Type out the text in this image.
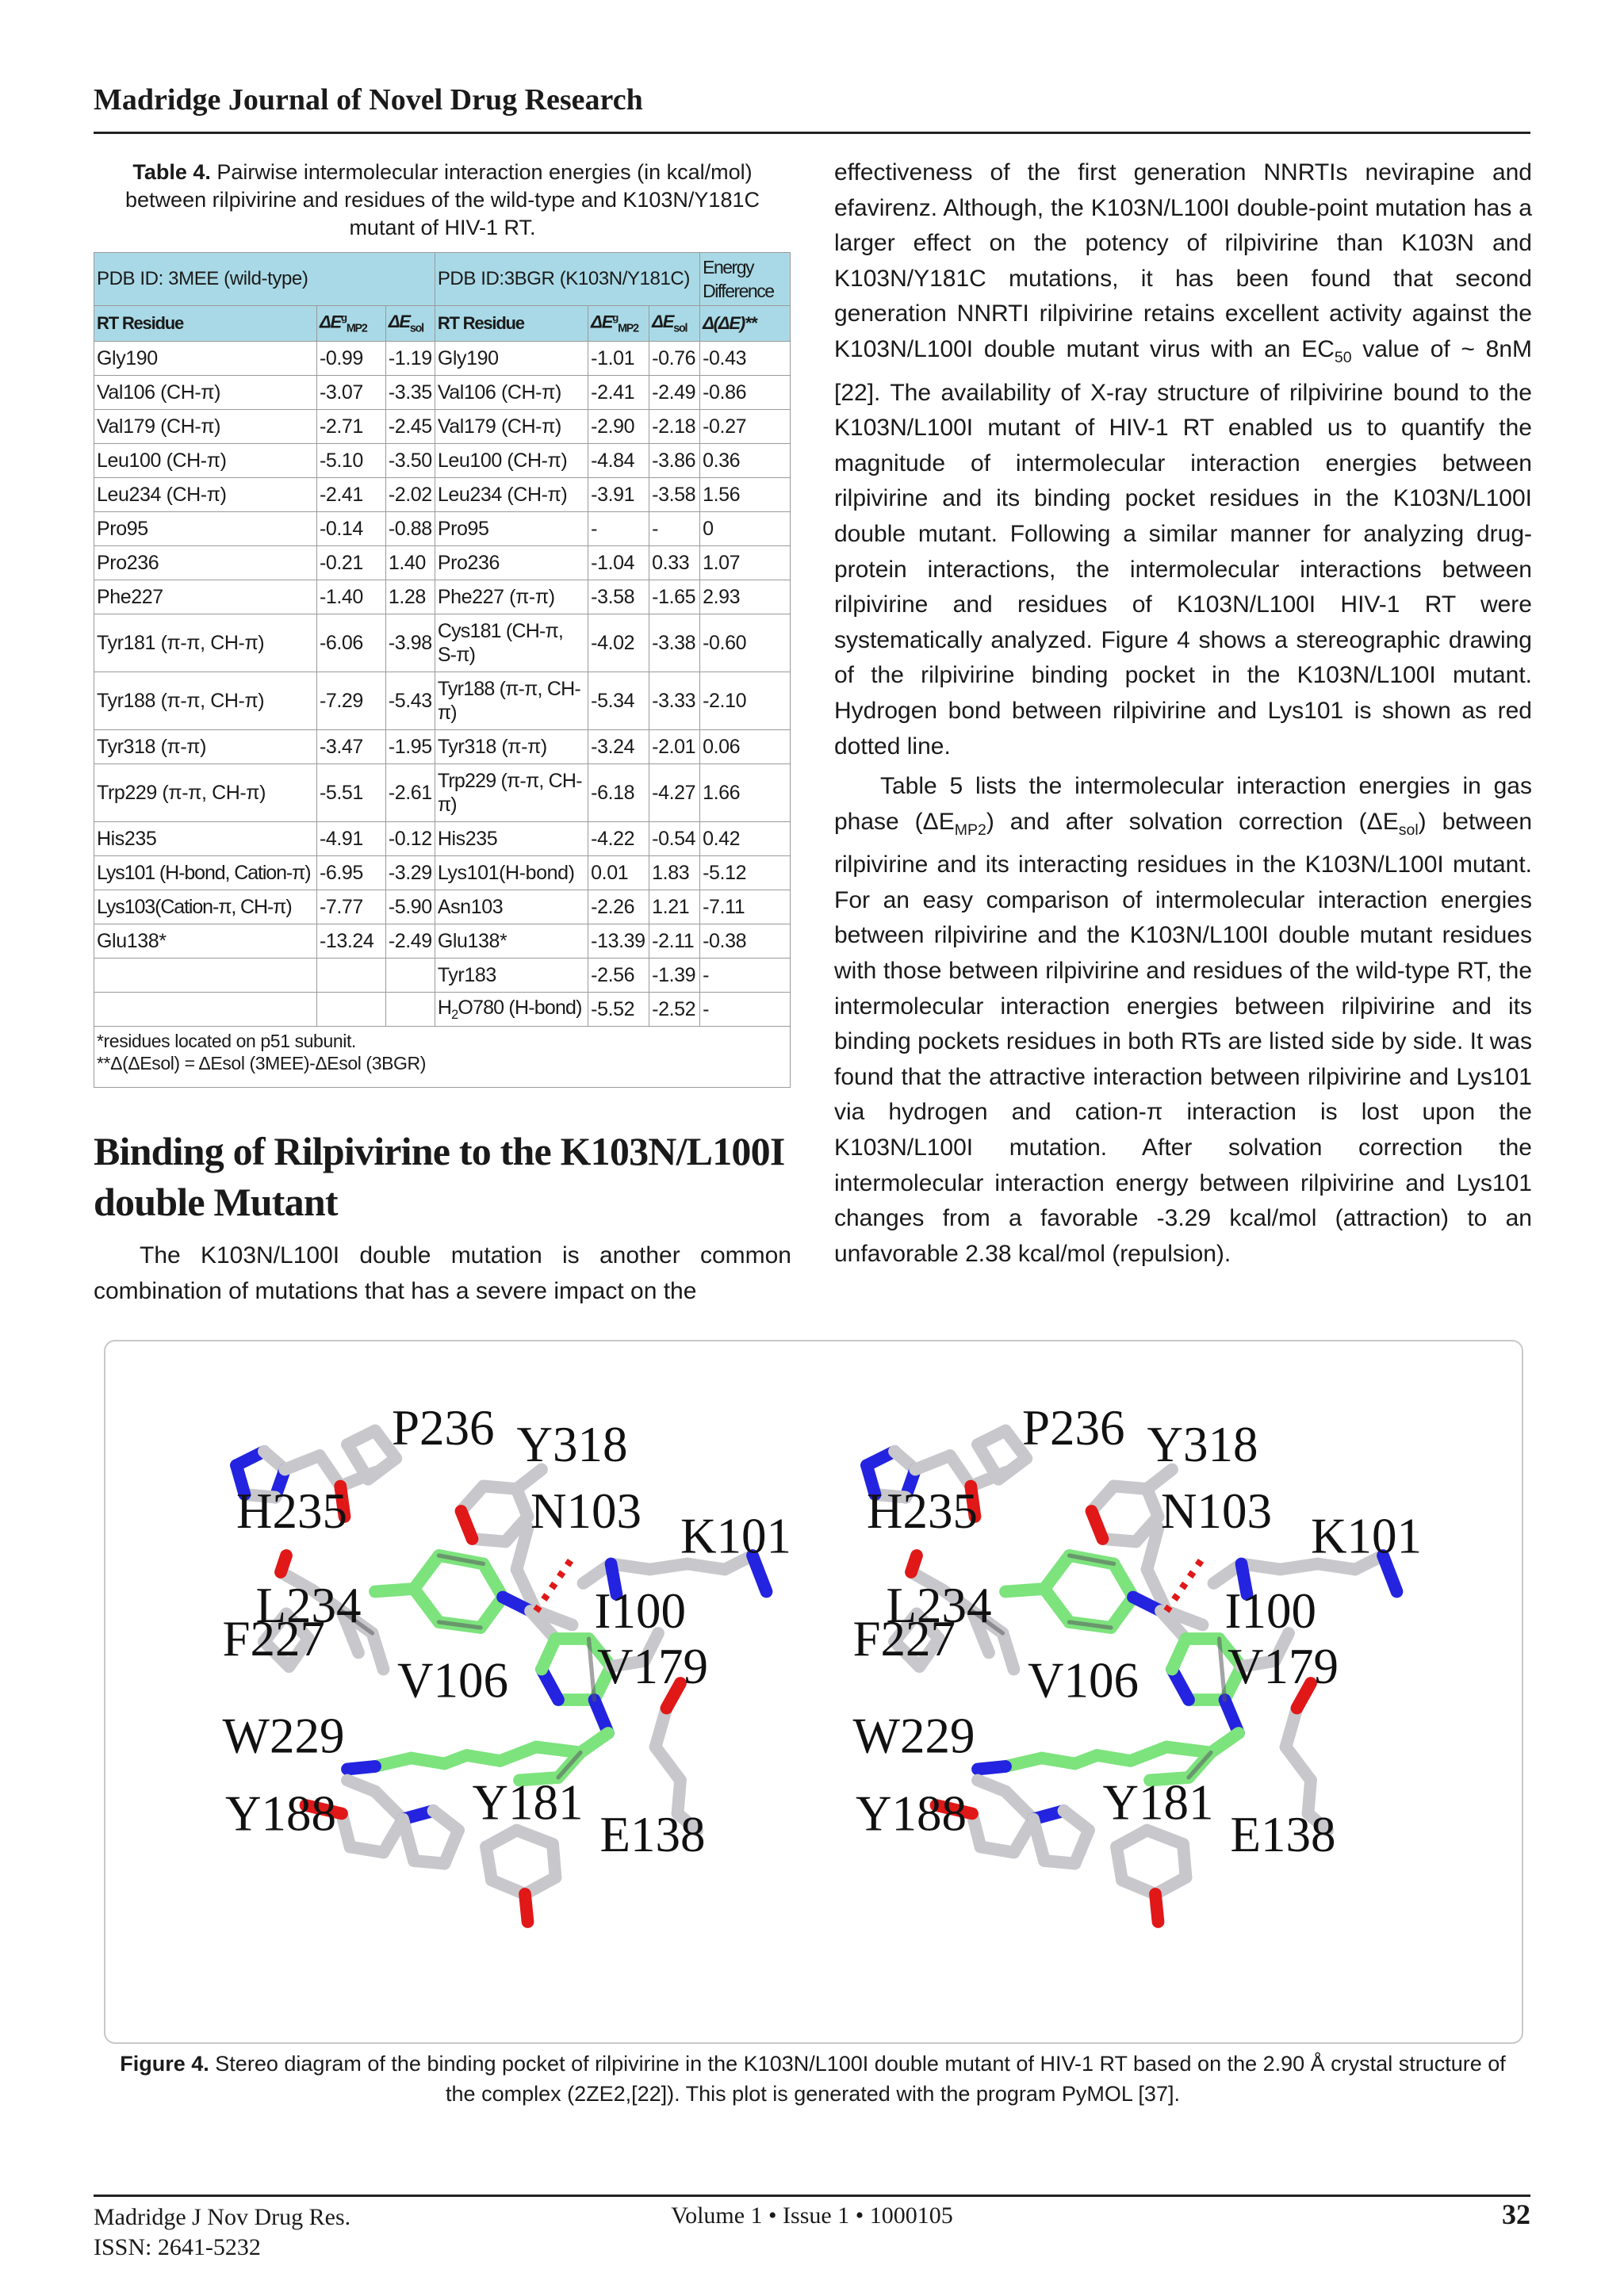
Madridge Journal of Novel Drug Research
Table 4. Pairwise intermolecular interaction energies (in kcal/mol) between rilpivirine and residues of the wild-type and K103N/Y181C mutant of HIV-1 RT.
PDB ID: 3MEE (wild-type)			PDB ID:3BGR (K103N/Y181C)			Energy Difference
RT Residue	$\Delta E^g_{MP2}$	$\Delta E_{sol}$	RT Residue	$\Delta E^g_{MP2}$	$\Delta E_{sol}$	Δ(ΔE)**
Gly190	-0.99	-1.19	Gly190	-1.01	-0.76	-0.43
Val106 (CH-π)	-3.07	-3.35	Val106 (CH-π)	-2.41	-2.49	-0.86
Val179 (CH-π)	-2.71	-2.45	Val179 (CH-π)	-2.90	-2.18	-0.27
Leu100 (CH-π)	-5.10	-3.50	Leu100 (CH-π)	-4.84	-3.86	0.36
Leu234 (CH-π)	-2.41	-2.02	Leu234 (CH-π)	-3.91	-3.58	1.56
Pro95	-0.14	-0.88	Pro95	-	-	0
Pro236	-0.21	1.40	Pro236	-1.04	0.33	1.07
Phe227	-1.40	1.28	Phe227 (π-π)	-3.58	-1.65	2.93
Tyr181 (π-π, CH-π)	-6.06	-3.98	Cys181 (CH-π, S-π)	-4.02	-3.38	-0.60
Tyr188 (π-π, CH-π)	-7.29	-5.43	Tyr188 (π-π, CH-π)	-5.34	-3.33	-2.10
Tyr318 (π-π)	-3.47	-1.95	Tyr318 (π-π)	-3.24	-2.01	0.06
Trp229 (π-π, CH-π)	-5.51	-2.61	Trp229 (π-π, CH-π)	-6.18	-4.27	1.66
His235	-4.91	-0.12	His235	-4.22	-0.54	0.42
Lys101 (H-bond, Cation-π)	-6.95	-3.29	Lys101(H-bond)	0.01	1.83	-5.12
Lys103(Cation-π, CH-π)	-7.77	-5.90	Asn103	-2.26	1.21	-7.11
Glu138*	-13.24	-2.49	Glu138*	-13.39	-2.11	-0.38
			Tyr183	-2.56	-1.39	-
			$H_2O780$ (H-bond)	-5.52	-2.52	-

*residues located on p51 subunit.
**Δ(ΔEsol) = ΔEsol (3MEE)-ΔEsol (3BGR)						
Binding of Rilpivirine to the K103N/L100I double Mutant
The K103N/L100I double mutation is another common combination of mutations that has a severe impact on the

effectiveness of the first generation NNRTIs nevirapine and efavirenz. Although, the K103N/L100I double-point mutation has a larger effect on the potency of rilpivirine than K103N and K103N/Y181C mutations, it has been found that second generation NNRTI rilpivirine retains excellent activity against the K103N/L100I double mutant virus with an $EC_{50}$ value of ~ 8nM [22]. The availability of X-ray structure of rilpivirine bound to the K103N/L100I mutant of HIV-1 RT enabled us to quantify the magnitude of intermolecular interaction energies between rilpivirine and its binding pocket residues in the K103N/L100I double mutant. Following a similar manner for analyzing drug-protein interactions, the intermolecular interactions between rilpivirine and residues of K103N/L100I HIV-1 RT were systematically analyzed. Figure 4 shows a stereographic drawing of the rilpivirine binding pocket in the K103N/L100I mutant. Hydrogen bond between rilpivirine and Lys101 is shown as red dotted line.

Table 5 lists the intermolecular interaction energies in gas phase $(\Delta E_{MP2})$ and after solvation correction $(\Delta E_{sol})$ between rilpivirine and its interacting residues in the K103N/L100I mutant. For an easy comparison of intermolecular interaction energies between rilpivirine and the K103N/L100I double mutant residues with those between rilpivirine and residues of the wild-type RT, the intermolecular interaction energies between rilpivirine and its binding pockets residues in both RTs are listed side by side. It was found that the attractive interaction between rilpivirine and Lys101 via hydrogen and cation-π interaction is lost upon the K103N/L100I mutation. After solvation correction the intermolecular interaction energy between rilpivirine and Lys101 changes from a favorable -3.29 kcal/mol (attraction) to an unfavorable 2.38 kcal/mol (repulsion).

P236 Y318
H235	N103 K101
L234	I100
F227
V106	V179
W229
Y188	Y181
E138
P236 Y318
H235	N103 K101
L234	I100
F227
V106	V179
W229
Y188	Y181
E138
Figure 4. Stereo diagram of the binding pocket of rilpivirine in the K103N/L100I double mutant of HIV-1 RT based on the 2.90 Å crystal structure of the complex (2ZE2,[22]). This plot is generated with the program PyMOL [37].
Madridge J Nov Drug Res.
ISSN: 2641-5232
Volume 1 • Issue 1 • 1000105	32
